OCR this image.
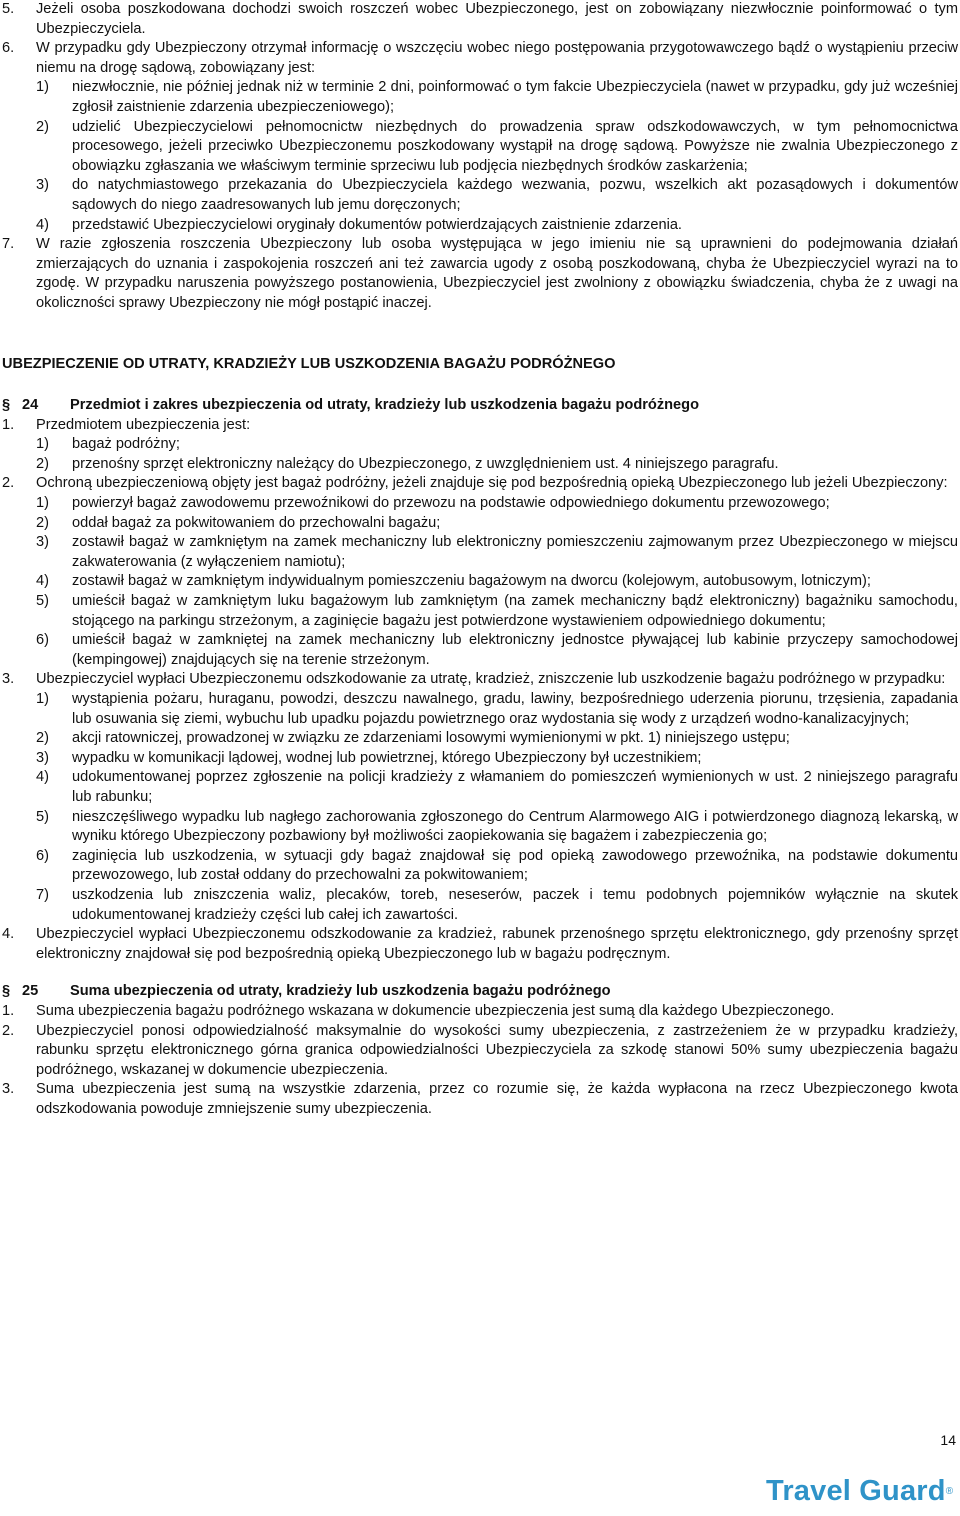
5.	Jeżeli osoba poszkodowana dochodzi swoich roszczeń wobec Ubezpieczonego, jest on zobowiązany niezwłocznie poinformować o tym Ubezpieczyciela.
6.	W przypadku gdy Ubezpieczony otrzymał informację o wszczęciu wobec niego postępowania przygotowawczego bądź o wystąpieniu przeciw niemu na drogę sądową, zobowiązany jest:
1)	niezwłocznie, nie później jednak niż w terminie 2 dni, poinformować o tym fakcie Ubezpieczyciela (nawet w przypadku, gdy już wcześniej zgłosił zaistnienie zdarzenia ubezpieczeniowego);
2)	udzielić Ubezpieczycielowi pełnomocnictw niezbędnych do prowadzenia spraw odszkodowawczych, w tym pełnomocnictwa procesowego, jeżeli przeciwko Ubezpieczonemu poszkodowany wystąpił na drogę sądową. Powyższe nie zwalnia Ubezpieczonego z obowiązku zgłaszania we właściwym terminie sprzeciwu lub podjęcia niezbędnych środków zaskarżenia;
3)	do natychmiastowego przekazania do Ubezpieczyciela każdego wezwania, pozwu, wszelkich akt pozasądowych i dokumentów sądowych do niego zaadresowanych lub jemu doręczonych;
4)	przedstawić Ubezpieczycielowi oryginały dokumentów potwierdzających zaistnienie zdarzenia.
7.	W razie zgłoszenia roszczenia Ubezpieczony lub osoba występująca w jego imieniu nie są uprawnieni do podejmowania działań zmierzających do uznania i zaspokojenia roszczeń ani też zawarcia ugody z osobą poszkodowaną, chyba że Ubezpieczyciel wyrazi na to zgodę. W przypadku naruszenia powyższego postanowienia, Ubezpieczyciel jest zwolniony z obowiązku świadczenia, chyba że z uwagi na okoliczności sprawy Ubezpieczony nie mógł postąpić inaczej.
UBEZPIECZENIE OD UTRATY, KRADZIEŻY LUB USZKODZENIA BAGAŻU PODRÓŻNEGO
§ 24	Przedmiot i zakres ubezpieczenia od utraty, kradzieży lub uszkodzenia bagażu podróżnego
1.	Przedmiotem ubezpieczenia jest:
1)	bagaż podróżny;
2)	przenośny sprzęt elektroniczny należący do Ubezpieczonego, z uwzględnieniem ust. 4 niniejszego paragrafu.
2.	Ochroną ubezpieczeniową objęty jest bagaż podróżny, jeżeli znajduje się pod bezpośrednią opieką Ubezpieczonego lub jeżeli Ubezpieczony:
1)	powierzył bagaż zawodowemu przewoźnikowi do przewozu na podstawie odpowiedniego dokumentu przewozowego;
2)	oddał bagaż za pokwitowaniem do przechowalni bagażu;
3)	zostawił bagaż w zamkniętym na zamek mechaniczny lub elektroniczny pomieszczeniu zajmowanym przez Ubezpieczonego w miejscu zakwaterowania (z wyłączeniem namiotu);
4)	zostawił bagaż w zamkniętym indywidualnym pomieszczeniu bagażowym na dworcu (kolejowym, autobusowym, lotniczym);
5)	umieścił bagaż w zamkniętym luku bagażowym lub zamkniętym (na zamek mechaniczny bądź elektroniczny) bagażniku samochodu, stojącego na parkingu strzeżonym, a zaginięcie bagażu jest potwierdzone wystawieniem odpowiedniego dokumentu;
6)	umieścił bagaż w zamkniętej na zamek mechaniczny lub elektroniczny jednostce pływającej lub kabinie przyczepy samochodowej (kempingowej) znajdujących się na terenie strzeżonym.
3.	Ubezpieczyciel wypłaci Ubezpieczonemu odszkodowanie za utratę, kradzież, zniszczenie lub uszkodzenie bagażu podróżnego w przypadku:
1)	wystąpienia pożaru, huraganu, powodzi, deszczu nawalnego, gradu, lawiny, bezpośredniego uderzenia piorunu, trzęsienia, zapadania lub osuwania się ziemi, wybuchu lub upadku pojazdu powietrznego oraz wydostania się wody z urządzeń wodno-kanalizacyjnych;
2)	akcji ratowniczej, prowadzonej w związku ze zdarzeniami losowymi wymienionymi w pkt. 1) niniejszego ustępu;
3)	wypadku w komunikacji lądowej, wodnej lub powietrznej, którego Ubezpieczony był uczestnikiem;
4)	udokumentowanej poprzez zgłoszenie na policji kradzieży z włamaniem do pomieszczeń wymienionych w ust. 2 niniejszego paragrafu lub rabunku;
5)	nieszczęśliwego wypadku lub nagłego zachorowania zgłoszonego do Centrum Alarmowego AIG i potwierdzonego diagnozą lekarską, w wyniku którego Ubezpieczony pozbawiony był możliwości zaopiekowania się bagażem i zabezpieczenia go;
6)	zaginięcia lub uszkodzenia, w sytuacji gdy bagaż znajdował się pod opieką zawodowego przewoźnika, na podstawie dokumentu przewozowego, lub został oddany do przechowalni za pokwitowaniem;
7)	uszkodzenia lub zniszczenia waliz, plecaków, toreb, neseserów, paczek i temu podobnych pojemników wyłącznie na skutek udokumentowanej kradzieży części lub całej ich zawartości.
4.	Ubezpieczyciel wypłaci Ubezpieczonemu odszkodowanie za kradzież, rabunek przenośnego sprzętu elektronicznego, gdy przenośny sprzęt elektroniczny znajdował się pod bezpośrednią opieką Ubezpieczonego lub w bagażu podręcznym.
§ 25	Suma ubezpieczenia od utraty, kradzieży lub uszkodzenia bagażu podróżnego
1.	Suma ubezpieczenia bagażu podróżnego wskazana w dokumencie ubezpieczenia jest sumą dla każdego Ubezpieczonego.
2.	Ubezpieczyciel ponosi odpowiedzialność maksymalnie do wysokości sumy ubezpieczenia, z zastrzeżeniem że w przypadku kradzieży, rabunku sprzętu elektronicznego górna granica odpowiedzialności Ubezpieczyciela za szkodę stanowi 50% sumy ubezpieczenia bagażu podróżnego, wskazanej w dokumencie ubezpieczenia.
3.	Suma ubezpieczenia jest sumą na wszystkie zdarzenia, przez co rozumie się, że każda wypłacona na rzecz Ubezpieczonego kwota odszkodowania powoduje zmniejszenie sumy ubezpieczenia.
14
Travel Guard®
